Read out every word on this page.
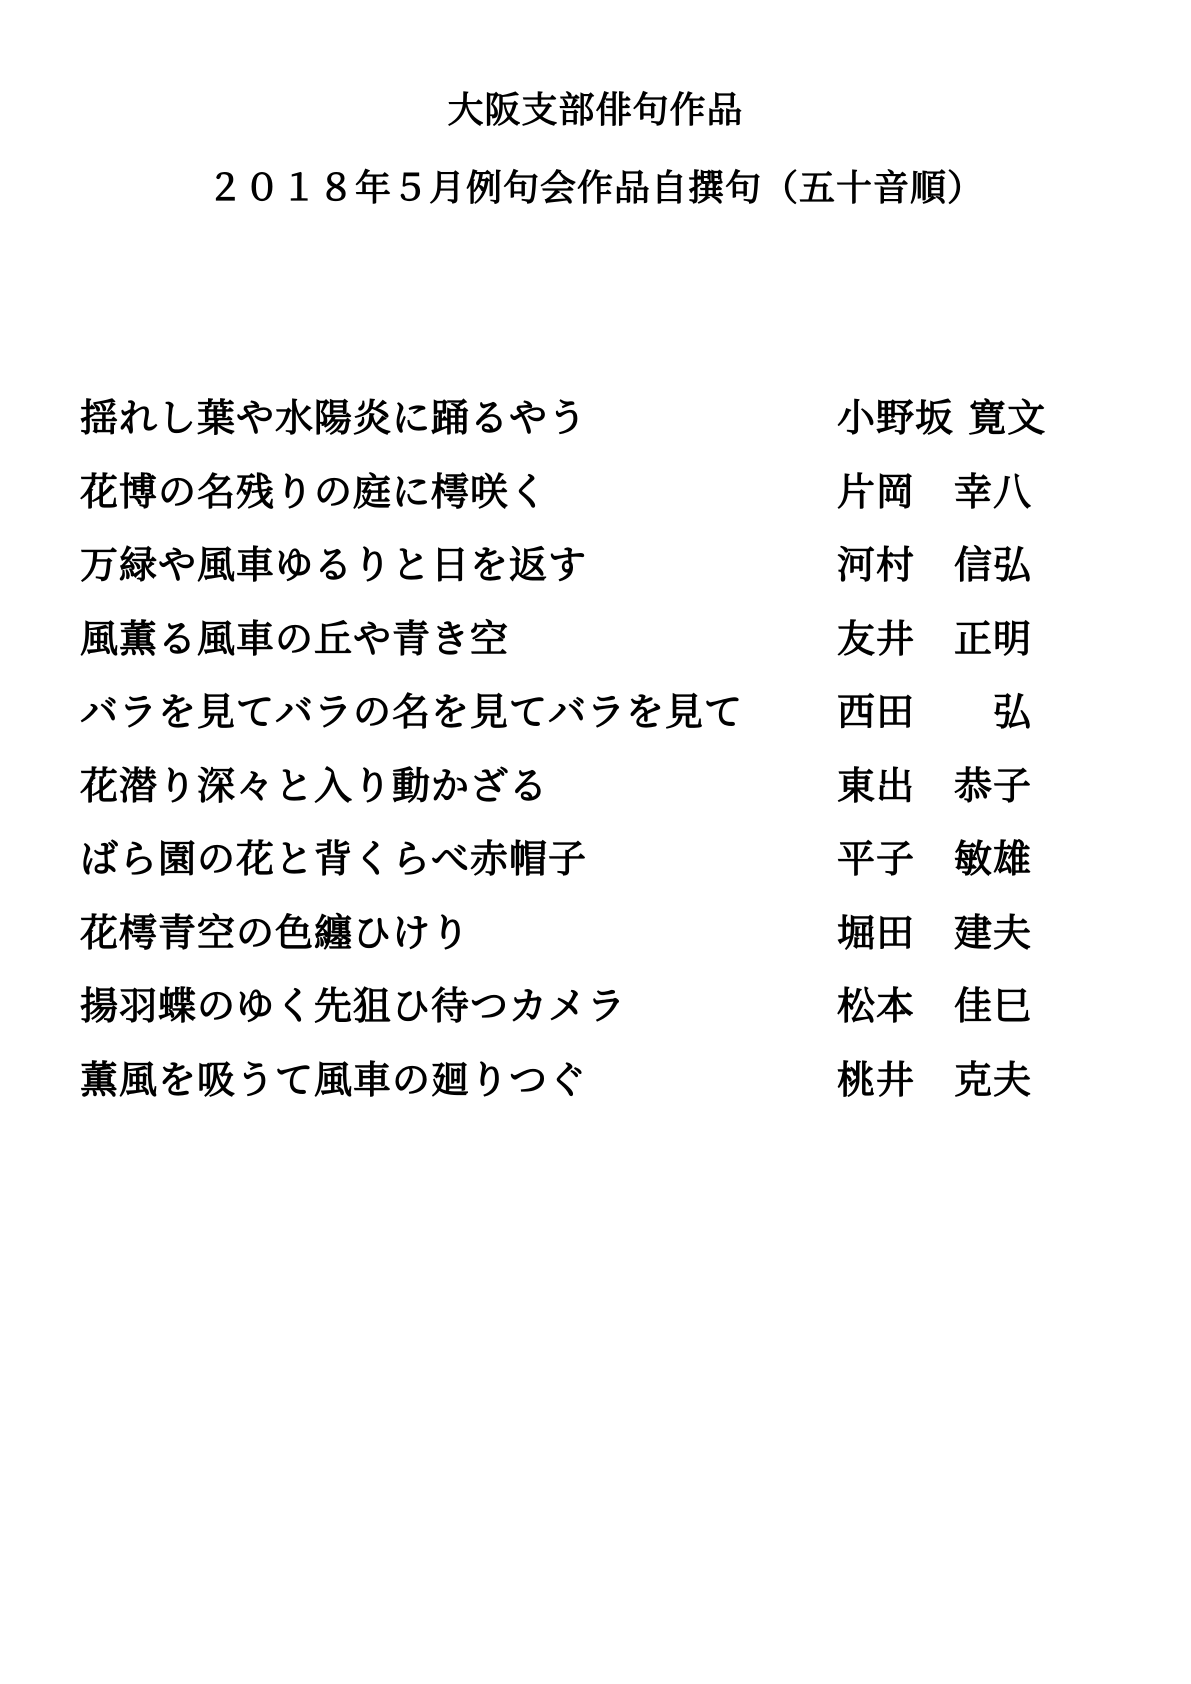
大阪支部俳句作品
２０１８年５月例句会作品自撰句（五十音順）
揺れし葉や水陽炎に踊るやう	小野坂 寛文
花博の名残りの庭に樗咲く	片岡　幸八
万緑や風車ゆるりと日を返す	河村　信弘
風薫る風車の丘や青き空	友井　正明
バラを見てバラの名を見てバラを見て 西田　　弘
花潜り深々と入り動かざる	東出　恭子
ばら園の花と背くらべ赤帽子	平子　敏雄
花樗青空の色纏ひけり	堀田　建夫
揚羽蝶のゆく先狙ひ待つカメラ	松本　佳巳
薫風を吸うて風車の廻りつぐ	桃井　克夫
